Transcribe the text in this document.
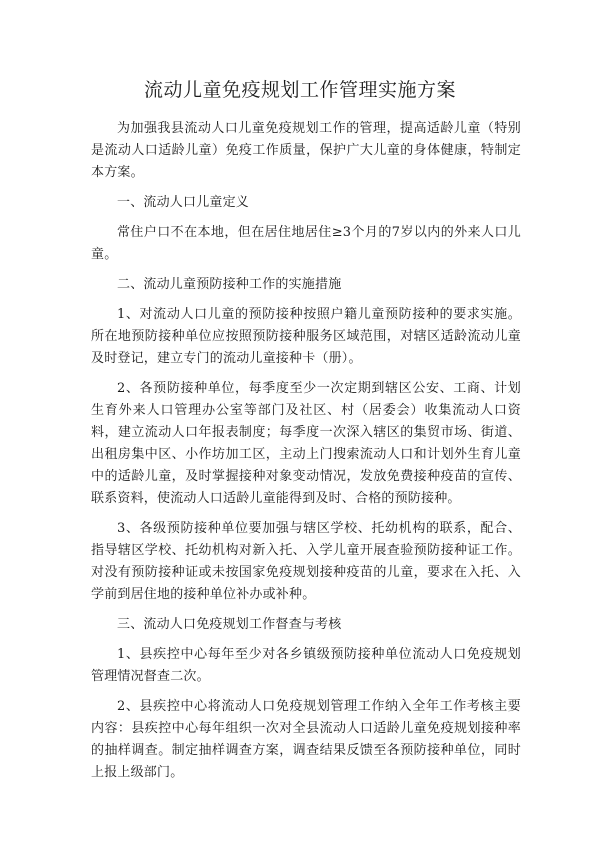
流动儿童免疫规划工作管理实施方案

为加强我县流动人口儿童免疫规划工作的管理，提高适龄儿童（特别是流动人口适龄儿童）免疫工作质量，保护广大儿童的身体健康，特制定本方案。

一、流动人口儿童定义

常住户口不在本地，但在居住地居住≥3个月的7岁以内的外来人口儿童。

二、流动儿童预防接种工作的实施措施

1、对流动人口儿童的预防接种按照户籍儿童预防接种的要求实施。所在地预防接种单位应按照预防接种服务区域范围，对辖区适龄流动儿童及时登记，建立专门的流动儿童接种卡（册）。

2、各预防接种单位，每季度至少一次定期到辖区公安、工商、计划生育外来人口管理办公室等部门及社区、村（居委会）收集流动人口资料，建立流动人口年报表制度；每季度一次深入辖区的集贸市场、街道、出租房集中区、小作坊加工区，主动上门搜索流动人口和计划外生育儿童中的适龄儿童，及时掌握接种对象变动情况，发放免费接种疫苗的宣传、联系资料，使流动人口适龄儿童能得到及时、合格的预防接种。

3、各级预防接种单位要加强与辖区学校、托幼机构的联系，配合、指导辖区学校、托幼机构对新入托、入学儿童开展查验预防接种证工作。对没有预防接种证或未按国家免疫规划接种疫苗的儿童，要求在入托、入学前到居住地的接种单位补办或补种。

三、流动人口免疫规划工作督查与考核

1、县疾控中心每年至少对各乡镇级预防接种单位流动人口免疫规划管理情况督查二次。

2、县疾控中心将流动人口免疫规划管理工作纳入全年工作考核主要内容：县疾控中心每年组织一次对全县流动人口适龄儿童免疫规划接种率的抽样调查。制定抽样调查方案，调查结果反馈至各预防接种单位，同时上报上级部门。
